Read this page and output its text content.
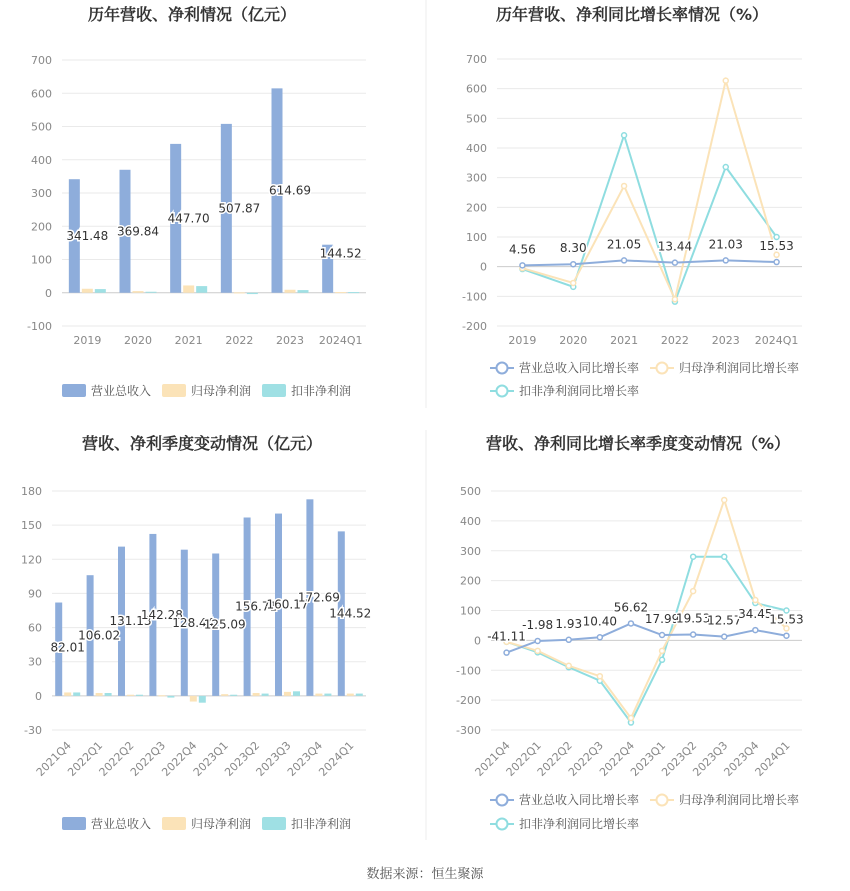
历年营收、净利情况（亿元）
700
600
500
400
300
200
100
0
-100
2019 2020 2021 2022 2023 2024Q1
341.48 369.84
447.70
507.87
614.69
144.52
营业总收入	归母净利润	扣非净利润
历年营收、净利同比增长率情况（%）
700
600
500
400
300
200
100
0
-100
-200
2019 2020 2021 2022 2023 2024Q1
4.56 8.30 21.05 13.44 21.03 15.53
营业总收入同比增长率	归母净利润同比增长率
扣非净利润同比增长率
营收、净利季度变动情况（亿元）
180
150
120
90
60
30
0
-30
2021Q4
2022Q1
2022Q2
2022Q3
2022Q4
2023Q1
2023Q2
2023Q3
2023Q4
2024Q1
82.01
106.02
131.13
142.28
128.44
125.09
156.71
160.17
172.69
144.52
营业总收入	归母净利润	扣非净利润
营收、净利同比增长率季度变动情况（%）
500
400
300
200
100
0
-100
-200
-300
2021Q4
2022Q1
2022Q2
2022Q3
2022Q4
2023Q1
2023Q2
2023Q3
2023Q4
2024Q1
-41.11
-1.98 1.93 10.40
56.62
17.99
19.53
12.57
34.45
15.53
营业总收入同比增长率	归母净利润同比增长率
扣非净利润同比增长率
数据来源：恒生聚源
